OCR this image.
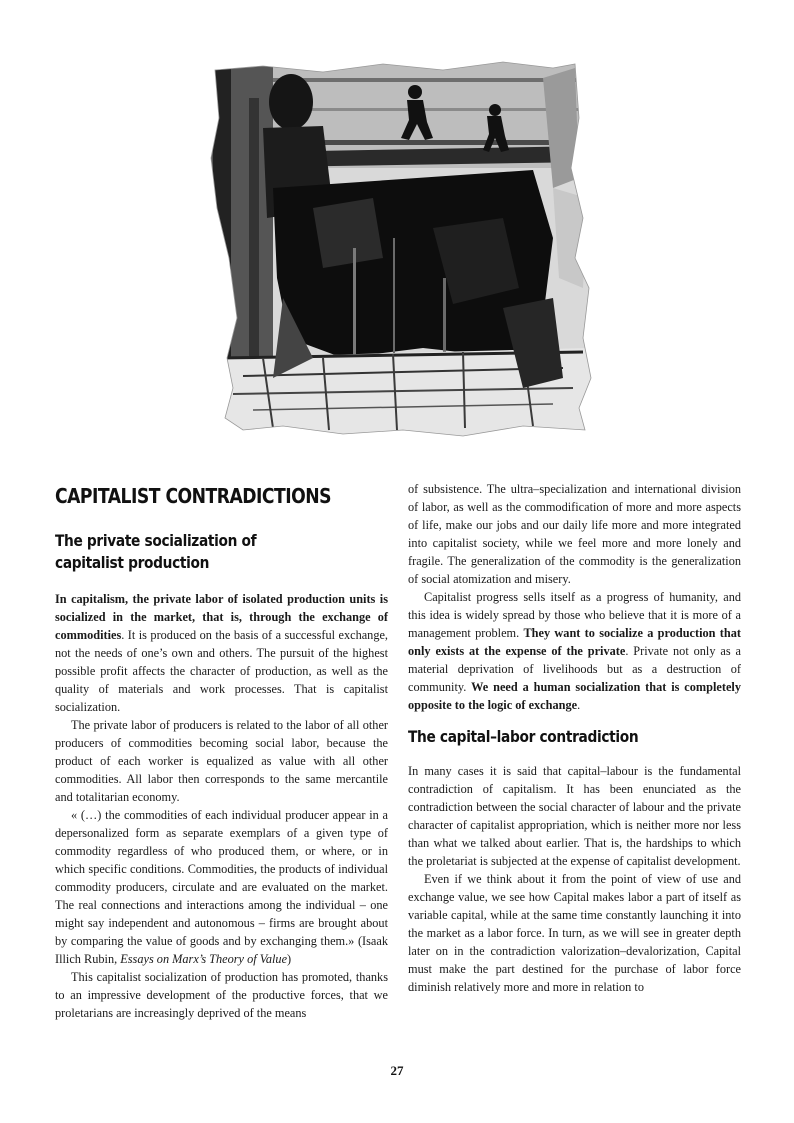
CAPITALIST CONTRADICTIONS
The private socialization of
capitalist production

In capitalism, the private labor of isolated production units is socialized in the market, that is, through the exchange of commodities. It is produced on the basis of a successful exchange, not the needs of one’s own and others. The pursuit of the highest possible profit affects the character of production, as well as the quality of materials and work processes. That is capitalist socialization.

The private labor of producers is related to the labor of all other producers of commodities becoming social labor, because the product of each worker is equalized as value with all other commodities. All labor then corresponds to the same mercantile and totalitarian economy.

« (…) the commodities of each individual producer appear in a depersonalized form as separate exemplars of a given type of commodity regardless of who produced them, or where, or in which specific conditions. Commodities, the products of individual commodity producers, circulate and are evaluated on the market. The real connections and interactions among the individual – one might say independent and autonomous – firms are brought about by comparing the value of goods and by exchanging them.» (Isaak Illich Rubin, Essays on Marx’s Theory of Value)

This capitalist socialization of production has promoted, thanks to an impressive development of the productive forces, that we proletarians are increasingly deprived of the means

of subsistence. The ultra–specialization and international division of labor, as well as the commodification of more and more aspects of life, make our jobs and our daily life more and more integrated into capitalist society, while we feel more and more lonely and fragile. The generalization of the commodity is the generalization of social atomization and misery.

Capitalist progress sells itself as a progress of humanity, and this idea is widely spread by those who believe that it is more of a management problem. They want to socialize a production that only exists at the expense of the private. Private not only as a material deprivation of livelihoods but as a destruction of community. We need a human socialization that is completely opposite to the logic of exchange.

The capital–labor contradiction

In many cases it is said that capital–labour is the fundamental contradiction of capitalism. It has been enunciated as the contradiction between the social character of labour and the private character of capitalist appropriation, which is neither more nor less than what we talked about earlier. That is, the hardships to which the proletariat is subjected at the expense of capitalist development.

Even if we think about it from the point of view of use and exchange value, we see how Capital makes labor a part of itself as variable capital, while at the same time constantly launching it into the market as a labor force. In turn, as we will see in greater depth later on in the contradiction valorization–devalorization, Capital must make the part destined for the purchase of labor force diminish relatively more and more in relation to

27
